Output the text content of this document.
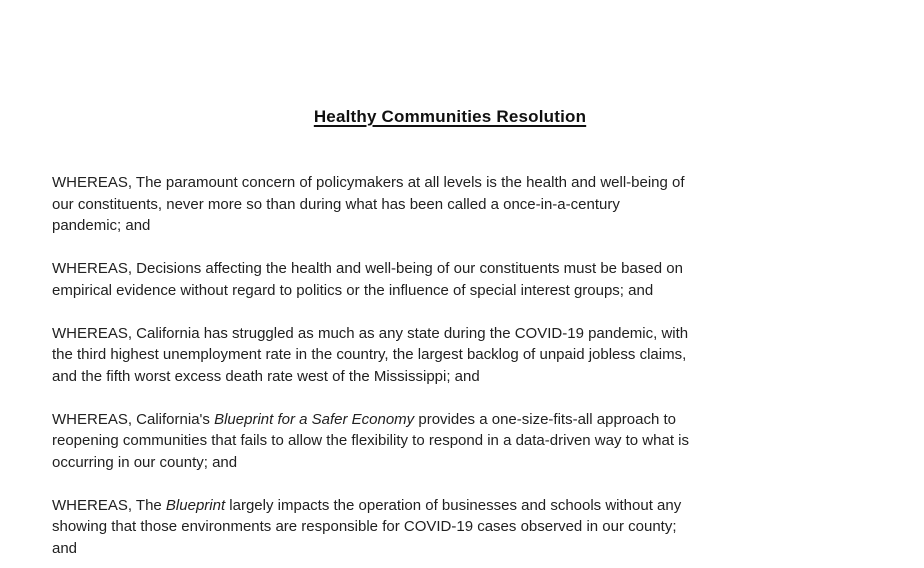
Healthy Communities Resolution
WHEREAS, The paramount concern of policymakers at all levels is the health and well-being of
our constituents, never more so than during what has been called a once-in-a-century
pandemic; and
WHEREAS, Decisions affecting the health and well-being of our constituents must be based on
empirical evidence without regard to politics or the influence of special interest groups; and
WHEREAS, California has struggled as much as any state during the COVID-19 pandemic, with
the third highest unemployment rate in the country, the largest backlog of unpaid jobless claims,
and the fifth worst excess death rate west of the Mississippi; and
WHEREAS, California's Blueprint for a Safer Economy provides a one-size-fits-all approach to
reopening communities that fails to allow the flexibility to respond in a data-driven way to what is
occurring in our county; and
WHEREAS, The Blueprint largely impacts the operation of businesses and schools without any
showing that those environments are responsible for COVID-19 cases observed in our county;
and
